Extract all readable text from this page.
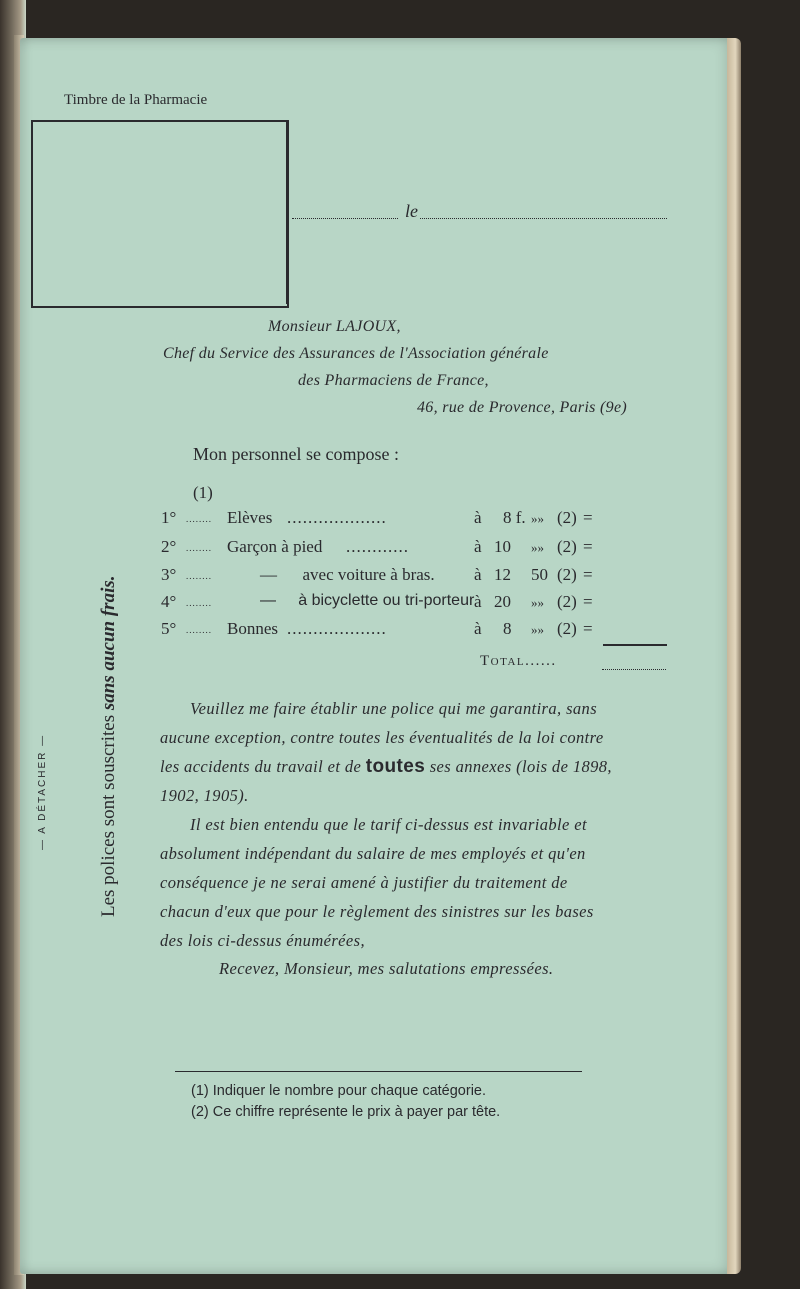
Timbre de la Pharmacie
le
Monsieur LAJOUX,
Chef du Service des Assurances de l'Association générale
des Pharmaciens de France,
46, rue de Provence, Paris (9e)
Mon personnel se compose :
(1)
1° ........ Elèves ...................	à 8 f. »» (2) =
2° ........ Garçon à pied ............	à 10 »» (2) =
3° ........	—      avec voiture à bras. à 12 50 (2) =
4° ........	—     à bicyclette ou tri-porteur à 20 »» (2) =
5° ........ Bonnes ...................	à 8 »» (2) =
Total......

Veuillez me faire établir une police qui me garantira, sans

aucune exception, contre toutes les éventualités de la loi contre

les accidents du travail et de toutes ses annexes (lois de 1898,

1902, 1905).

Il est bien entendu que le tarif ci-dessus est invariable et

absolument indépendant du salaire de mes employés et qu'en

conséquence je ne serai amené à justifier du traitement de

chacun d'eux que pour le règlement des sinistres sur les bases

des lois ci-dessus énumérées,

Recevez, Monsieur, mes salutations empressées.
— A DÉTACHER —	Les polices sont souscrites sans aucun frais.
(1) Indiquer le nombre pour chaque catégorie.
(2) Ce chiffre représente le prix à payer par tête.
